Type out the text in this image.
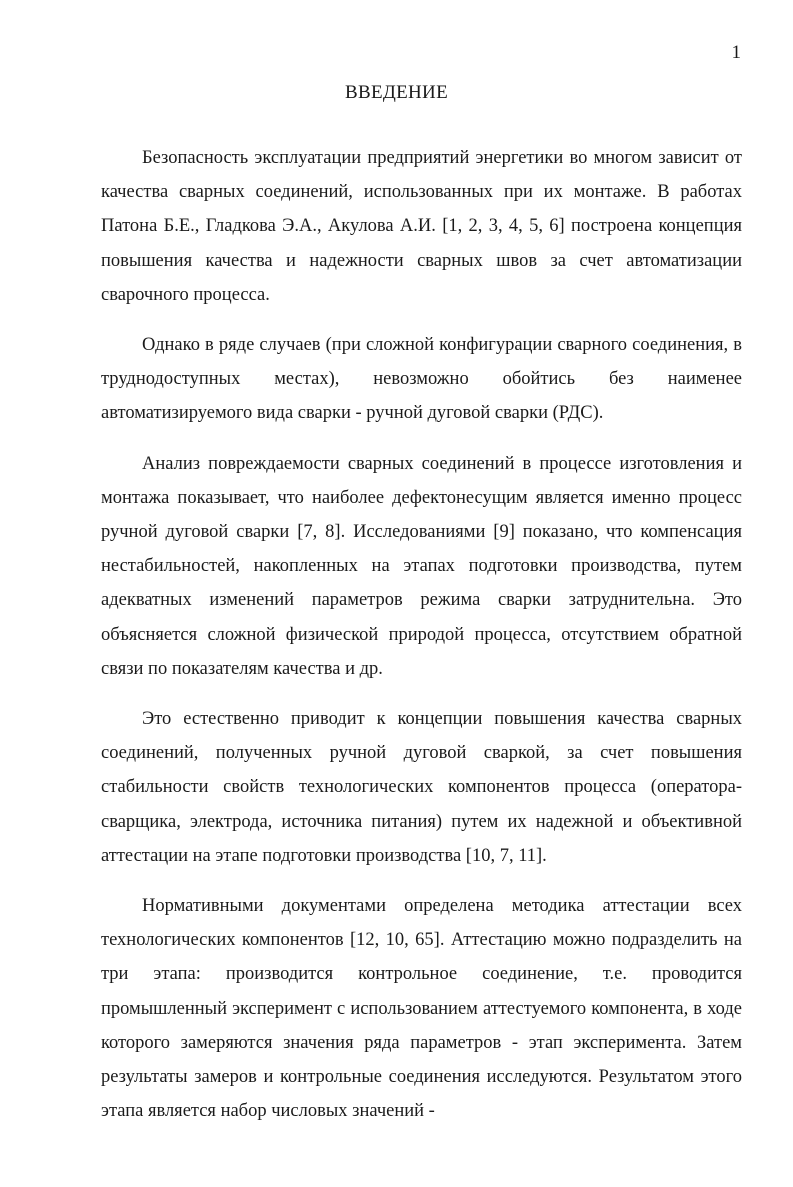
1
ВВЕДЕНИЕ

Безопасность эксплуатации предприятий энергетики во многом зависит от качества сварных соединений, использованных при их монтаже. В работах Патона Б.Е., Гладкова Э.А., Акулова А.И. [1, 2, 3, 4, 5, 6] построена концепция повышения качества и надежности сварных швов за счет автоматизации сварочного процесса.

Однако в ряде случаев (при сложной конфигурации сварного соединения, в труднодоступных местах), невозможно обойтись без наименее автоматизируемого вида сварки - ручной дуговой сварки (РДС).

Анализ повреждаемости сварных соединений в процессе изготовления и монтажа показывает, что наиболее дефектонесущим является именно процесс ручной дуговой сварки [7, 8]. Исследованиями [9] показано, что компенсация нестабильностей, накопленных на этапах подготовки производства, путем адекватных изменений параметров режима сварки затруднительна. Это объясняется сложной физической природой процесса, отсутствием обратной связи по показателям качества и др.

Это естественно приводит к концепции повышения качества сварных соединений, полученных ручной дуговой сваркой, за счет повышения стабильности свойств технологических компонентов процесса (оператора-сварщика, электрода, источника питания) путем их надежной и объективной аттестации на этапе подготовки производства [10, 7, 11].

Нормативными документами определена методика аттестации всех технологических компонентов [12, 10, 65]. Аттестацию можно подразделить на три этапа: производится контрольное соединение, т.е. проводится промышленный эксперимент с использованием аттестуемого компонента, в ходе которого замеряются значения ряда параметров - этап эксперимента. Затем результаты замеров и контрольные соединения исследуются. Результатом этого этапа является набор числовых значений -
